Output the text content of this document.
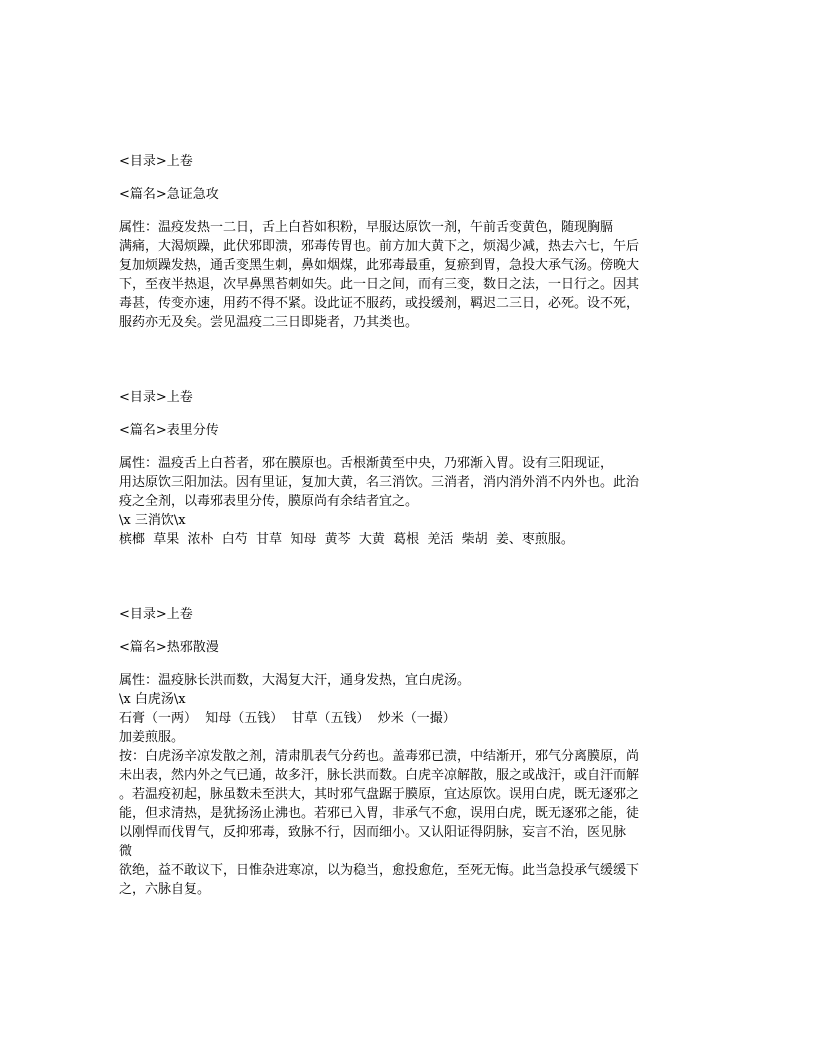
<目录>上卷
<篇名>急证急攻
属性：温疫发热一二日，舌上白苔如积粉，早服达原饮一剂，午前舌变黄色，随现胸膈
满痛，大渴烦躁，此伏邪即溃，邪毒传胃也。前方加大黄下之，烦渴少减，热去六七，午后
复加烦躁发热，通舌变黑生刺，鼻如烟煤，此邪毒最重，复瘀到胃，急投大承气汤。傍晚大
下，至夜半热退，次早鼻黑苔刺如失。此一日之间，而有三变，数日之法，一日行之。因其
毒甚，传变亦速，用药不得不紧。设此证不服药，或投缓剂，羁迟二三日，必死。设不死，
服药亦无及矣。尝见温疫二三日即毙者，乃其类也。
<目录>上卷
<篇名>表里分传
属性：温疫舌上白苔者，邪在膜原也。舌根渐黄至中央，乃邪渐入胃。设有三阳现证，
用达原饮三阳加法。因有里证，复加大黄，名三消饮。三消者，消内消外消不内外也。此治
疫之全剂，以毒邪表里分传，膜原尚有余结者宜之。
\x 三消饮\x
槟榔  草果  浓朴  白芍  甘草  知母  黄芩  大黄  葛根  羌活  柴胡  姜、枣煎服。
<目录>上卷
<篇名>热邪散漫
属性：温疫脉长洪而数，大渴复大汗，通身发热，宜白虎汤。
\x 白虎汤\x
石膏（一两）  知母（五钱）  甘草（五钱）  炒米（一撮）
加姜煎服。
按：白虎汤辛凉发散之剂，清肃肌表气分药也。盖毒邪已溃，中结渐开，邪气分离膜原，尚
未出表，然内外之气已通，故多汗，脉长洪而数。白虎辛凉解散，服之或战汗，或自汗而解
。若温疫初起，脉虽数未至洪大，其时邪气盘踞于膜原，宜达原饮。误用白虎，既无逐邪之
能，但求清热，是犹扬汤止沸也。若邪已入胃，非承气不愈，误用白虎，既无逐邪之能，徒
以刚悍而伐胃气，反抑邪毒，致脉不行，因而细小。又认阳证得阴脉，妄言不治，医见脉
微
欲绝，益不敢议下，日惟杂进寒凉，以为稳当，愈投愈危，至死无悔。此当急投承气缓缓下
之，六脉自复。
